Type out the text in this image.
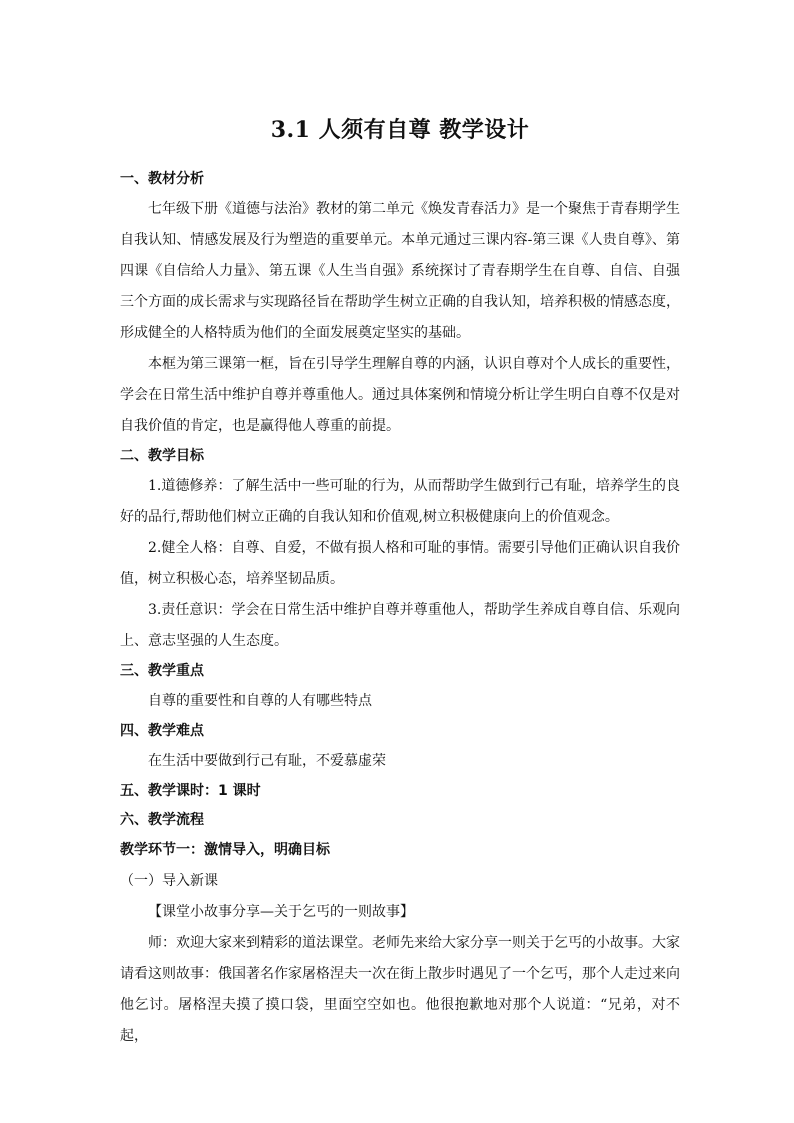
3.1 人须有自尊 教学设计
一、教材分析

七年级下册《道德与法治》教材的第二单元《焕发青春活力》是一个聚焦于青春期学生自我认知、情感发展及行为塑造的重要单元。本单元通过三课内容-第三课《人贵自尊》、第四课《自信给人力量》、第五课《人生当自强》系统探讨了青春期学生在自尊、自信、自强三个方面的成长需求与实现路径旨在帮助学生树立正确的自我认知，培养积极的情感态度，形成健全的人格特质为他们的全面发展奠定坚实的基础。

本框为第三课第一框，旨在引导学生理解自尊的内涵，认识自尊对个人成长的重要性，学会在日常生活中维护自尊并尊重他人。通过具体案例和情境分析让学生明白自尊不仅是对自我价值的肯定，也是赢得他人尊重的前提。

二、教学目标

1.道德修养：了解生活中一些可耻的行为，从而帮助学生做到行己有耻，培养学生的良好的品行,帮助他们树立正确的自我认知和价值观,树立积极健康向上的价值观念。

2.健全人格：自尊、自爱，不做有损人格和可耻的事情。需要引导他们正确认识自我价值，树立积极心态，培养坚韧品质。

3.责任意识：学会在日常生活中维护自尊并尊重他人，帮助学生养成自尊自信、乐观向上、意志坚强的人生态度。

三、教学重点

自尊的重要性和自尊的人有哪些特点

四、教学难点

在生活中要做到行己有耻，不爱慕虚荣

五、教学课时：1 课时
六、教学流程
教学环节一：激情导入，明确目标
（一）导入新课
【课堂小故事分享—关于乞丐的一则故事】

师：欢迎大家来到精彩的道法课堂。老师先来给大家分享一则关于乞丐的小故事。大家请看这则故事：俄国著名作家屠格涅夫一次在街上散步时遇见了一个乞丐，那个人走过来向他乞讨。屠格涅夫摸了摸口袋，里面空空如也。他很抱歉地对那个人说道：“兄弟，对不起，
